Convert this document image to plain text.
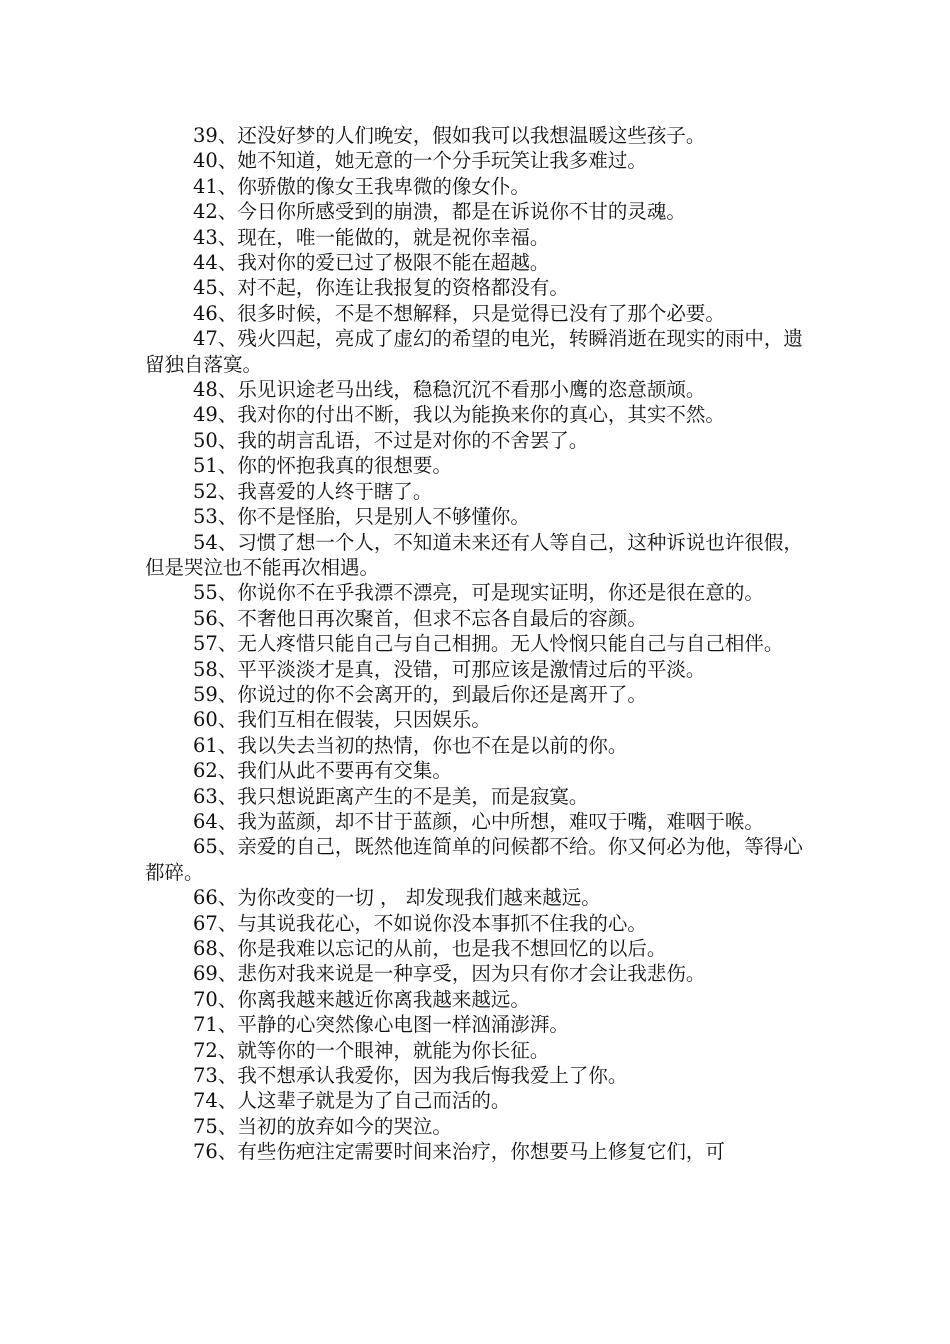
39、还没好梦的人们晚安，假如我可以我想温暖这些孩子。

40、她不知道，她无意的一个分手玩笑让我多难过。

41、你骄傲的像女王我卑微的像女仆。

42、今日你所感受到的崩溃，都是在诉说你不甘的灵魂。

43、现在，唯一能做的，就是祝你幸福。

44、我对你的爱已过了极限不能在超越。

45、对不起，你连让我报复的资格都没有。

46、很多时候，不是不想解释，只是觉得已没有了那个必要。

47、残火四起，亮成了虚幻的希望的电光，转瞬消逝在现实的雨中，遗留独自落寞。

48、乐见识途老马出线，稳稳沉沉不看那小鹰的恣意颉颃。

49、我对你的付出不断，我以为能换来你的真心，其实不然。

50、我的胡言乱语，不过是对你的不舍罢了。

51、你的怀抱我真的很想要。

52、我喜爱的人终于瞎了。

53、你不是怪胎，只是别人不够懂你。

54、习惯了想一个人，不知道未来还有人等自己，这种诉说也许很假，但是哭泣也不能再次相遇。

55、你说你不在乎我漂不漂亮，可是现实证明，你还是很在意的。

56、不奢他日再次聚首，但求不忘各自最后的容颜。

57、无人疼惜只能自己与自己相拥。无人怜悯只能自己与自己相伴。

58、平平淡淡才是真，没错，可那应该是激情过后的平淡。

59、你说过的你不会离开的，到最后你还是离开了。

60、我们互相在假装，只因娱乐。

61、我以失去当初的热情，你也不在是以前的你。

62、我们从此不要再有交集。

63、我只想说距离产生的不是美，而是寂寞。

64、我为蓝颜，却不甘于蓝颜，心中所想，难叹于嘴，难咽于喉。

65、亲爱的自己，既然他连简单的问候都不给。你又何必为他，等得心都碎。

66、为你改变的一切 ， 却发现我们越来越远。

67、与其说我花心，不如说你没本事抓不住我的心。

68、你是我难以忘记的从前，也是我不想回忆的以后。

69、悲伤对我来说是一种享受，因为只有你才会让我悲伤。

70、你离我越来越近你离我越来越远。

71、平静的心突然像心电图一样汹涌澎湃。

72、就等你的一个眼神，就能为你长征。

73、我不想承认我爱你，因为我后悔我爱上了你。

74、人这辈子就是为了自己而活的。

75、当初的放弃如今的哭泣。

76、有些伤疤注定需要时间来治疗，你想要马上修复它们，可
